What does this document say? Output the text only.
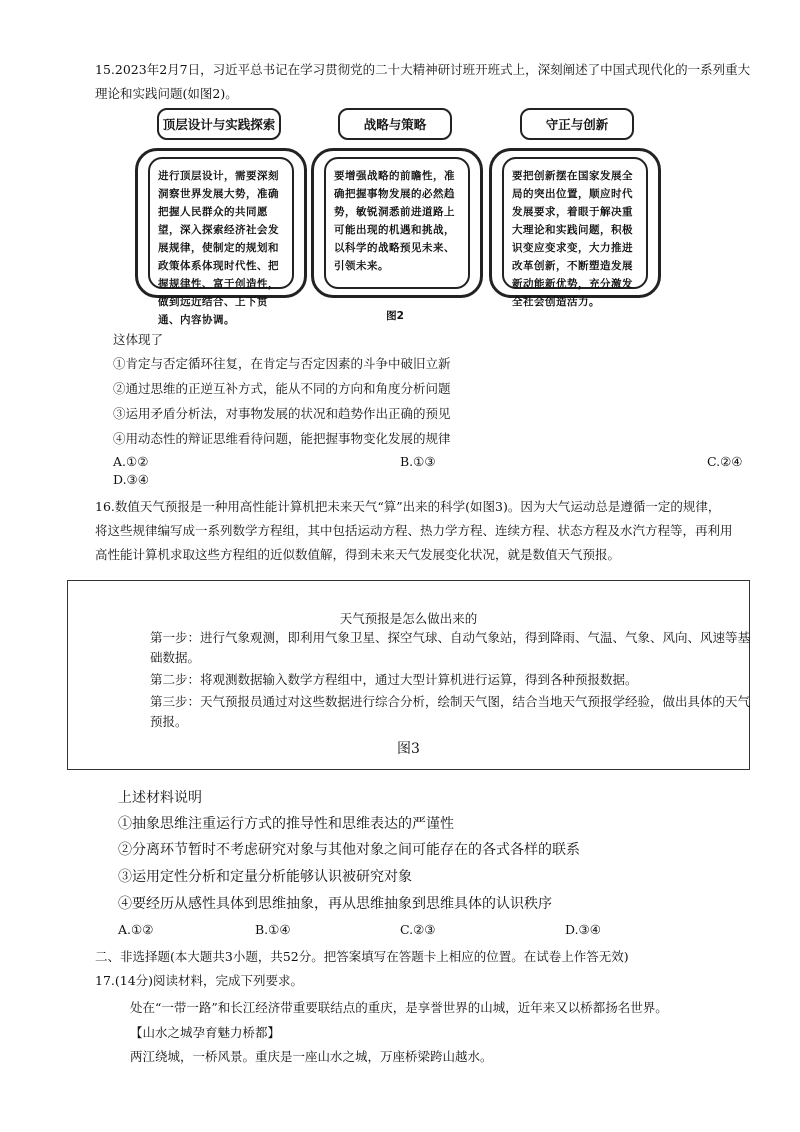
15.2023年2月7日，习近平总书记在学习贯彻党的二十大精神研讨班开班式上，深刻阐述了中国式现代化的一系列重大
理论和实践问题(如图2)。
顶层设计与实践探索	战略与策略	守正与创新
进行顶层设计，需要深刻洞察世界发展大势，准确把握人民群众的共同愿望，深入探索经济社会发展规律，使制定的规划和政策体系体现时代性、把握规律性、富于创造性，做到远近结合、上下贯通、内容协调。
要增强战略的前瞻性，准确把握事物发展的必然趋势，敏锐洞悉前进道路上可能出现的机遇和挑战，以科学的战略预见未来、引领未来。
要把创新摆在国家发展全局的突出位置，顺应时代发展要求，着眼于解决重大理论和实践问题，积极识变应变求变，大力推进改革创新，不断塑造发展新动能新优势，充分激发全社会创造活力。
图2
这体现了
①肯定与否定循环往复，在肯定与否定因素的斗争中破旧立新
②通过思维的正逆互补方式，能从不同的方向和角度分析问题
③运用矛盾分析法，对事物发展的状况和趋势作出正确的预见
④用动态性的辩证思维看待问题，能把握事物变化发展的规律
A.①②	B.①③	C.②④
D.③④
16.数值天气预报是一种用高性能计算机把未来天气“算”出来的科学(如图3)。因为大气运动总是遵循一定的规律，
将这些规律编写成一系列数学方程组，其中包括运动方程、热力学方程、连续方程、状态方程及水汽方程等，再利用
高性能计算机求取这些方程组的近似数值解，得到未来天气发展变化状况，就是数值天气预报。
天气预报是怎么做出来的
第一步：进行气象观测，即利用气象卫星、探空气球、自动气象站，得到降雨、气温、气象、风向、风速等基
础数据。
第二步：将观测数据输入数学方程组中，通过大型计算机进行运算，得到各种预报数据。
第三步：天气预报员通过对这些数据进行综合分析，绘制天气图，结合当地天气预报学经验，做出具体的天气
预报。
图3
上述材料说明
①抽象思维注重运行方式的推导性和思维表达的严谨性
②分离环节暂时不考虑研究对象与其他对象之间可能存在的各式各样的联系
③运用定性分析和定量分析能够认识被研究对象
④要经历从感性具体到思维抽象，再从思维抽象到思维具体的认识秩序
A.①②	B.①④	C.②③	D.③④
二、非选择题(本大题共3小题，共52分。把答案填写在答题卡上相应的位置。在试卷上作答无效)
17.(14分)阅读材料，完成下列要求。
处在“一带一路”和长江经济带重要联结点的重庆，是享誉世界的山城，近年来又以桥都扬名世界。
【山水之城孕育魅力桥都】
两江绕城，一桥风景。重庆是一座山水之城，万座桥梁跨山越水。
